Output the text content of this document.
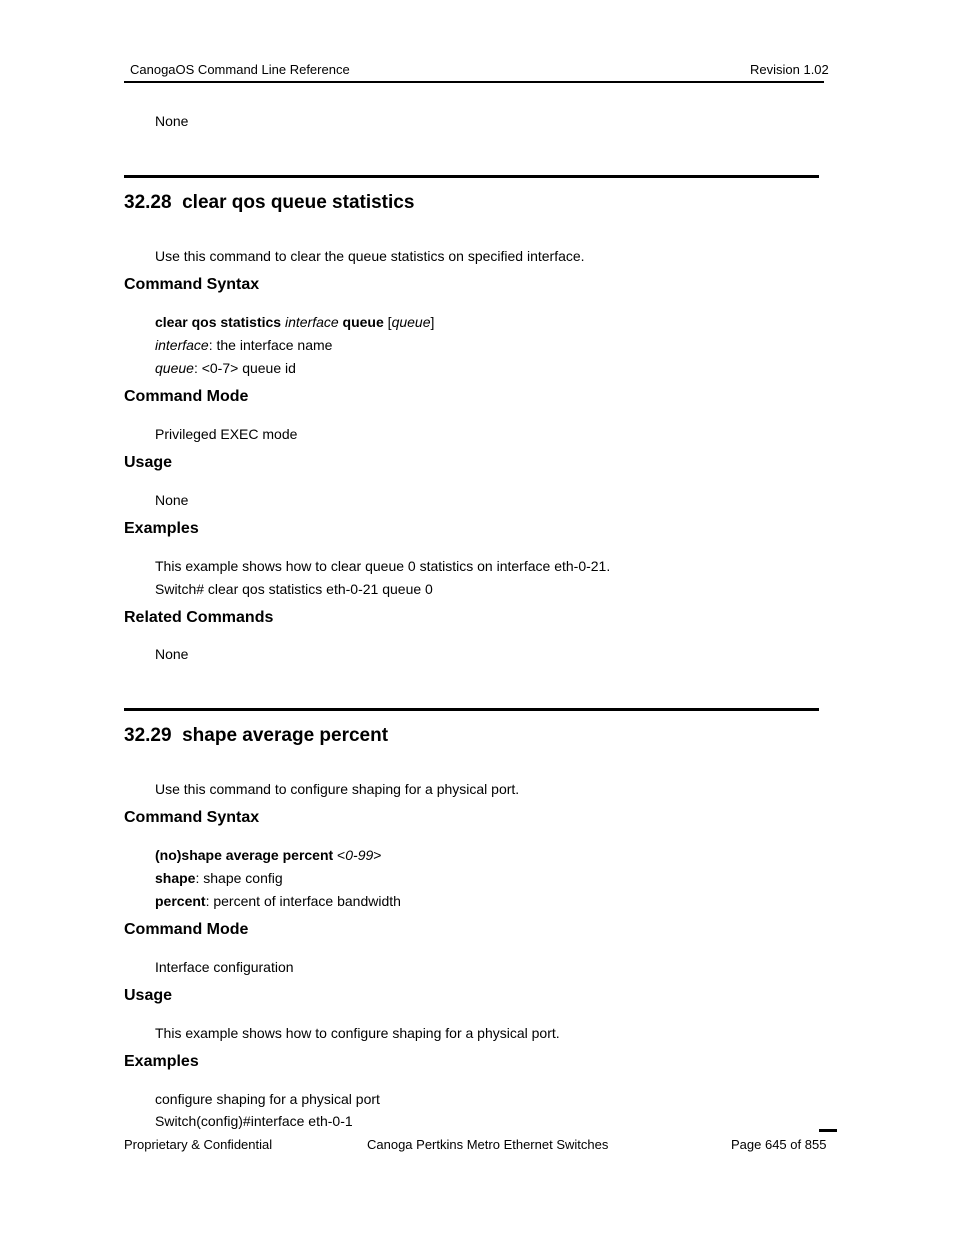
CanogaOS Command Line Reference	Revision 1.02
None
32.28 clear qos queue statistics
Use this command to clear the queue statistics on specified interface.
Command Syntax
clear qos statistics interface queue [queue]
interface: the interface name
queue: <0-7> queue id
Command Mode
Privileged EXEC mode
Usage
None
Examples
This example shows how to clear queue 0 statistics on interface eth-0-21.
Switch# clear qos statistics eth-0-21 queue 0
Related Commands
None
32.29 shape average percent
Use this command to configure shaping for a physical port.
Command Syntax
(no)shape average percent <0-99>
shape: shape config
percent: percent of interface bandwidth
Command Mode
Interface configuration
Usage
This example shows how to configure shaping for a physical port.
Examples
configure shaping for a physical port
Switch(config)#interface eth-0-1
Proprietary & Confidential	Canoga Pertkins Metro Ethernet Switches	Page 645 of 855
